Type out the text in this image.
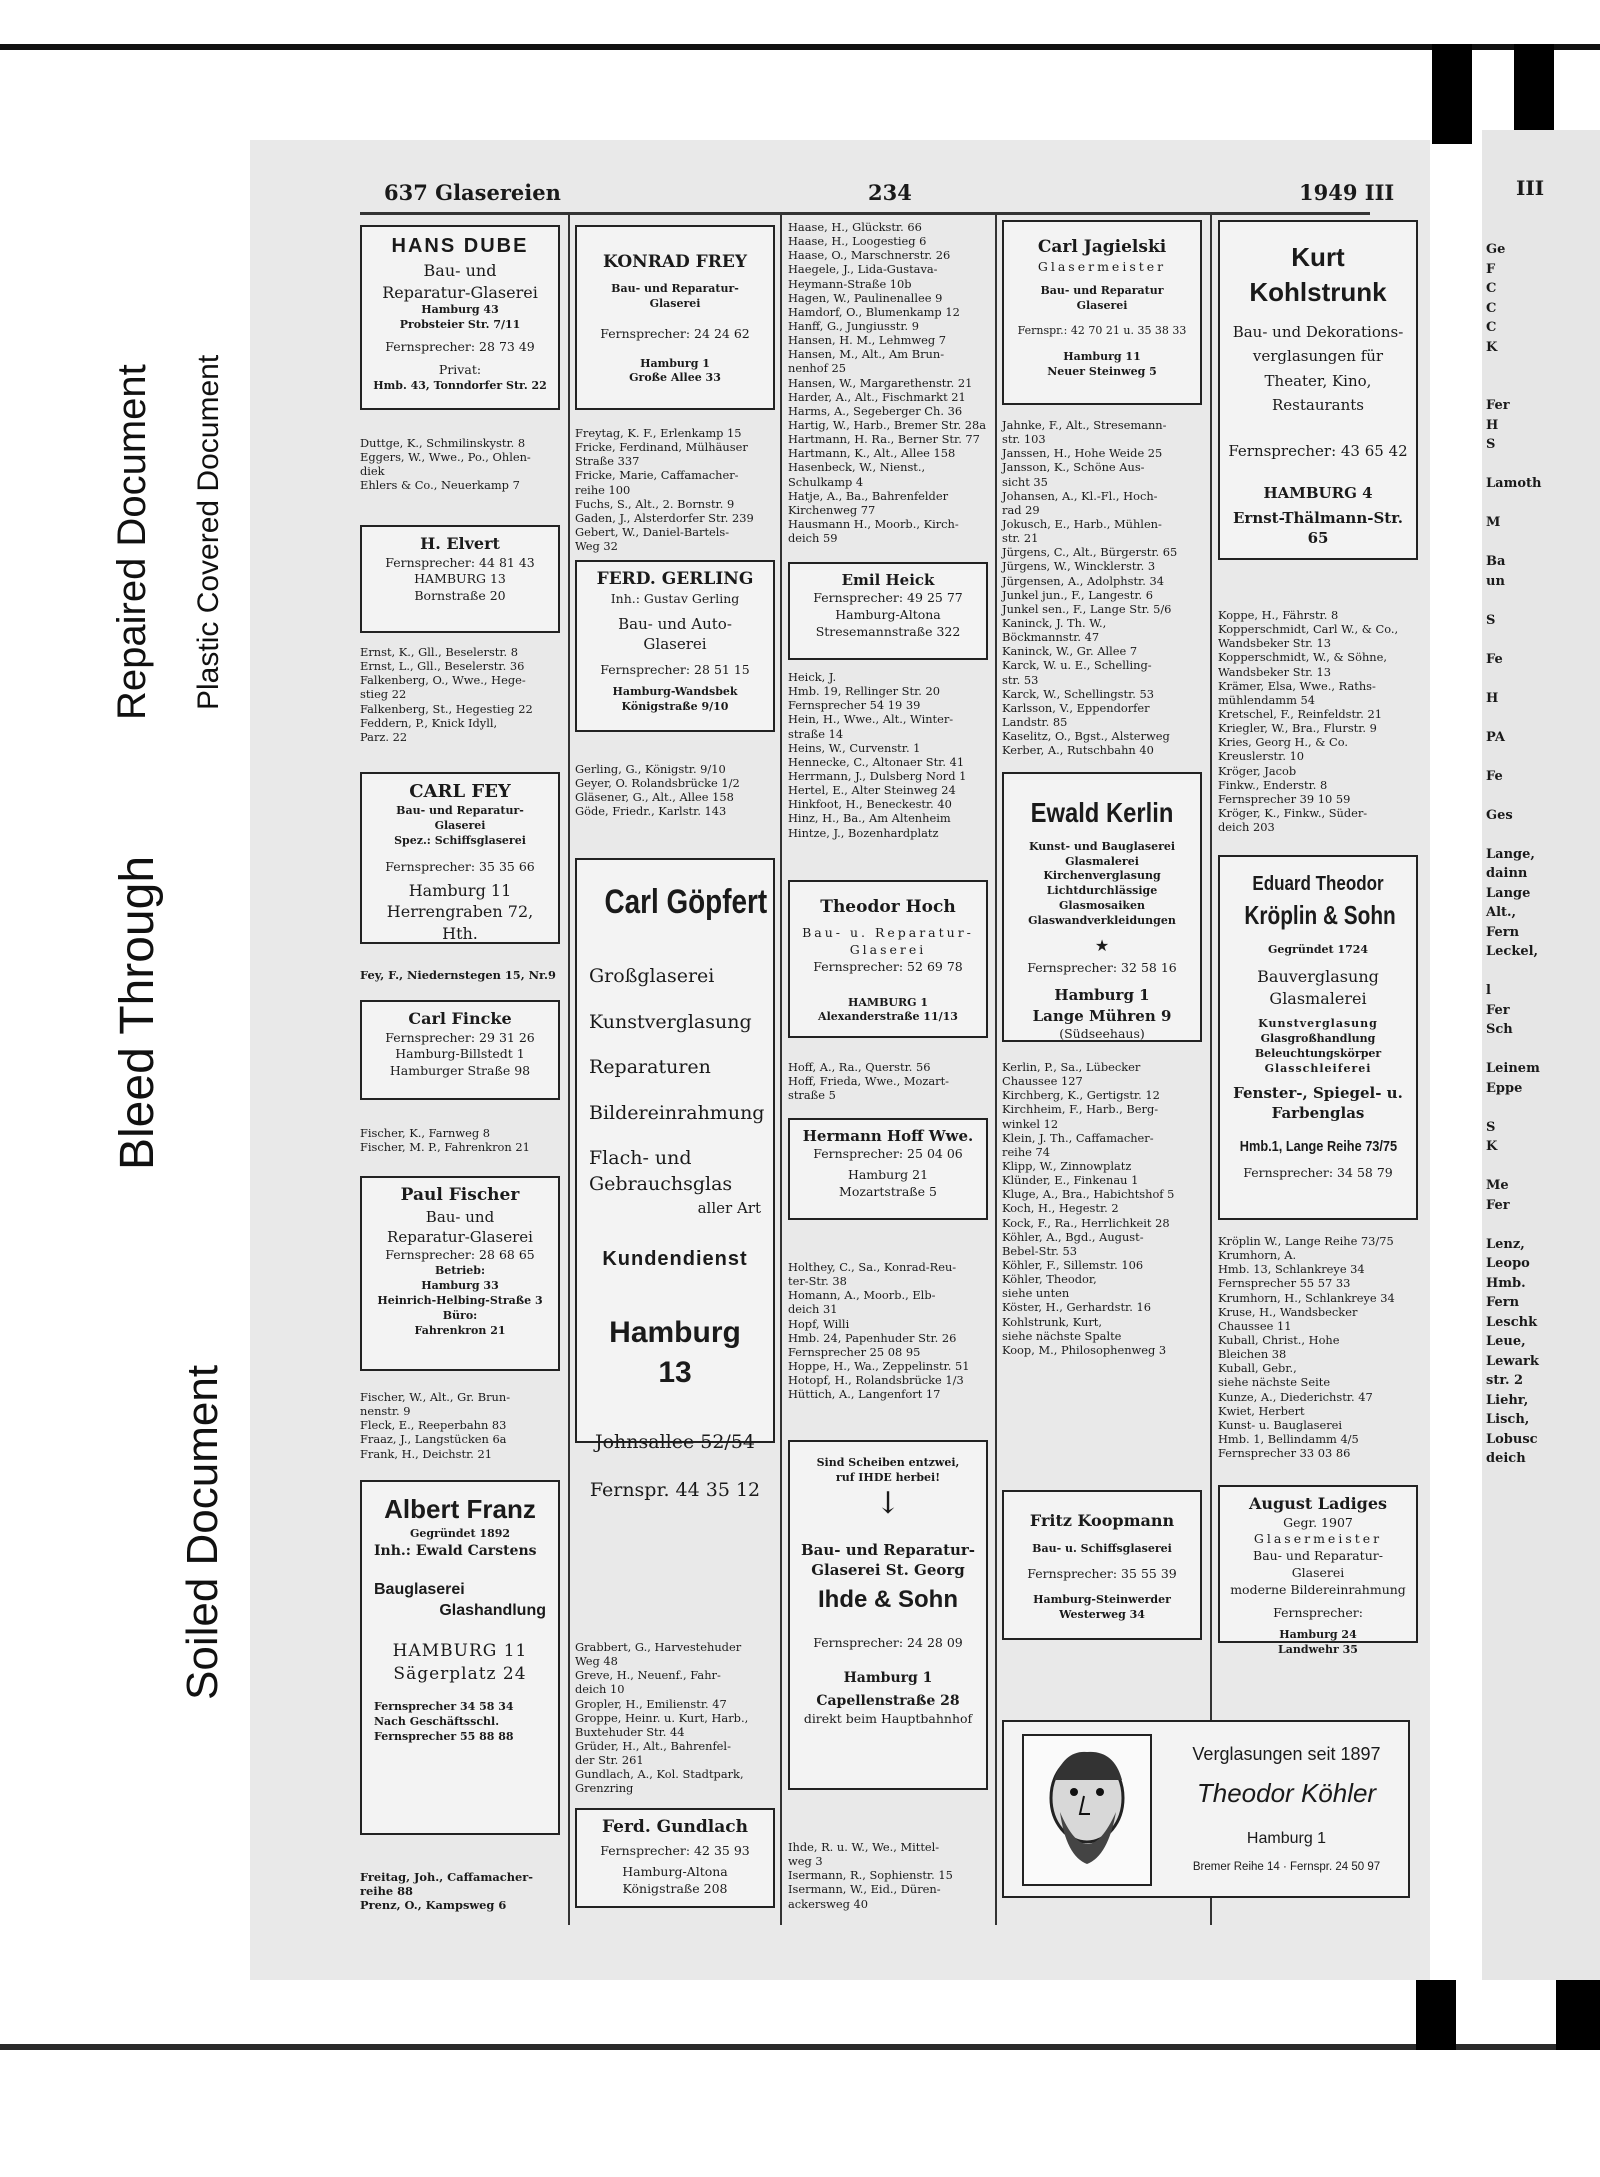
Bleed Through
Repaired Document Plastic Covered Document
Soiled Document
637 Glasereien	234	1949 III
HANS DUBE
Bau- und
Reparatur-Glaserei
Hamburg 43
Probsteier Str. 7/11
Fernsprecher: 28 73 49
Privat:
Hmb. 43, Tonndorfer Str. 22
Duttge, K., Schmilinskystr. 8
Eggers, W., Wwe., Po., Ohlen-
diek
Ehlers & Co., Neuerkamp 7
H. Elvert
Fernsprecher: 44 81 43
HAMBURG 13
Bornstraße 20
Ernst, K., Gll., Beselerstr. 8
Ernst, L., Gll., Beselerstr. 36
Falkenberg, O., Wwe., Hege-
stieg 22
Falkenberg, St., Hegestieg 22
Feddern, P., Knick Idyll,
Parz. 22
CARL FEY
Bau- und Reparatur-
Glaserei
Spez.: Schiffsglaserei
Fernsprecher: 35 35 66
Hamburg 11
Herrengraben 72, Hth.
Fey, F., Niedernstegen 15, Nr.9
Carl Fincke
Fernsprecher: 29 31 26
Hamburg-Billstedt 1
Hamburger Straße 98
Fischer, K., Farnweg 8
Fischer, M. P., Fahrenkron 21
Paul Fischer
Bau- und
Reparatur-Glaserei
Fernsprecher: 28 68 65
Betrieb:
Hamburg 33
Heinrich-Helbing-Straße 3
Büro:
Fahrenkron 21
Fischer, W., Alt., Gr. Brun-
nenstr. 9
Fleck, E., Reeperbahn 83
Fraaz, J., Langstücken 6a
Frank, H., Deichstr. 21
Albert Franz
Gegründet 1892
Inh.: Ewald Carstens
Bauglaserei
Glashandlung
HAMBURG 11
Sägerplatz 24
Fernsprecher 34 58 34
Nach Geschäftsschl.
Fernsprecher 55 88 88
Freitag, Joh., Caffamacher-
reihe 88
Prenz, O., Kampsweg 6
KONRAD FREY
Bau- und Reparatur-
Glaserei
Fernsprecher: 24 24 62
Hamburg 1
Große Allee 33
Freytag, K. F., Erlenkamp 15
Fricke, Ferdinand, Mülhäuser
Straße 337
Fricke, Marie, Caffamacher-
reihe 100
Fuchs, S., Alt., 2. Bornstr. 9
Gaden, J., Alsterdorfer Str. 239
Gebert, W., Daniel-Bartels-
Weg 32
FERD. GERLING
Inh.: Gustav Gerling
Bau- und Auto-
Glaserei
Fernsprecher: 28 51 15
Hamburg-Wandsbek
Königstraße 9/10
Gerling, G., Königstr. 9/10
Geyer, O. Rolandsbrücke 1/2
Gläsener, G., Alt., Allee 158
Göde, Friedr., Karlstr. 143
Carl Göpfert
Großglaserei
Kunstverglasung
Reparaturen
Bildereinrahmung
Flach- und
Gebrauchsglas
aller Art
Kundendienst
Hamburg 13
Johnsallee 52/54
Fernspr. 44 35 12
Grabbert, G., Harvestehuder
Weg 48
Greve, H., Neuenf., Fahr-
deich 10
Gropler, H., Emilienstr. 47
Groppe, Heinr. u. Kurt, Harb.,
Buxtehuder Str. 44
Grüder, H., Alt., Bahrenfel-
der Str. 261
Gundlach, A., Kol. Stadtpark,
Grenzring
Ferd. Gundlach
Fernsprecher: 42 35 93
Hamburg-Altona
Königstraße 208
Haase, H., Glückstr. 66
Haase, H., Loogestieg 6
Haase, O., Marschnerstr. 26
Haegele, J., Lida-Gustava-
Heymann-Straße 10b
Hagen, W., Paulinenallee 9
Hamdorf, O., Blumenkamp 12
Hanff, G., Jungiusstr. 9
Hansen, H. M., Lehmweg 7
Hansen, M., Alt., Am Brun-
nenhof 25
Hansen, W., Margarethenstr. 21
Harder, A., Alt., Fischmarkt 21
Harms, A., Segeberger Ch. 36
Hartig, W., Harb., Bremer Str. 28a
Hartmann, H. Ra., Berner Str. 77
Hartmann, K., Alt., Allee 158
Hasenbeck, W., Nienst.,
Schulkamp 4
Hatje, A., Ba., Bahrenfelder
Kirchenweg 77
Hausmann H., Moorb., Kirch-
deich 59
Emil Heick
Fernsprecher: 49 25 77
Hamburg-Altona
Stresemannstraße 322
Heick, J.
Hmb. 19, Rellinger Str. 20
Fernsprecher 54 19 39
Hein, H., Wwe., Alt., Winter-
straße 14
Heins, W., Curvenstr. 1
Hennecke, C., Altonaer Str. 41
Herrmann, J., Dulsberg Nord 1
Hertel, E., Alter Steinweg 24
Hinkfoot, H., Beneckestr. 40
Hinz, H., Ba., Am Altenheim
Hintze, J., Bozenhardplatz
Theodor Hoch
Bau- u. Reparatur-
Glaserei
Fernsprecher: 52 69 78
HAMBURG 1
Alexanderstraße 11/13
Hoff, A., Ra., Querstr. 56
Hoff, Frieda, Wwe., Mozart-
straße 5
Hermann Hoff Wwe.
Fernsprecher: 25 04 06
Hamburg 21
Mozartstraße 5
Holthey, C., Sa., Konrad-Reu-
ter-Str. 38
Homann, A., Moorb., Elb-
deich 31
Hopf, Willi
Hmb. 24, Papenhuder Str. 26
Fernsprecher 25 08 95
Hoppe, H., Wa., Zeppelinstr. 51
Hotopf, H., Rolandsbrücke 1/3
Hüttich, A., Langenfort 17
Sind Scheiben entzwei,
ruf IHDE herbei!
↓
Bau- und Reparatur-
Glaserei St. Georg
Ihde & Sohn
Fernsprecher: 24 28 09
Hamburg 1
Capellenstraße 28
direkt beim Hauptbahnhof
Ihde, R. u. W., We., Mittel-
weg 3
Isermann, R., Sophienstr. 15
Isermann, W., Eid., Düren-
ackersweg 40
Carl Jagielski
Glasermeister
Bau- und Reparatur
Glaserei
Fernspr.: 42 70 21 u. 35 38 33
Hamburg 11
Neuer Steinweg 5
Jahnke, F., Alt., Stresemann-
str. 103
Janssen, H., Hohe Weide 25
Jansson, K., Schöne Aus-
sicht 35
Johansen, A., Kl.-Fl., Hoch-
rad 29
Jokusch, E., Harb., Mühlen-
str. 21
Jürgens, C., Alt., Bürgerstr. 65
Jürgens, W., Wincklerstr. 3
Jürgensen, A., Adolphstr. 34
Junkel jun., F., Langestr. 6
Junkel sen., F., Lange Str. 5/6
Kaninck, J. Th. W.,
Böckmannstr. 47
Kaninck, W., Gr. Allee 7
Karck, W. u. E., Schelling-
str. 53
Karck, W., Schellingstr. 53
Karlsson, V., Eppendorfer
Landstr. 85
Kaselitz, O., Bgst., Alsterweg
Kerber, A., Rutschbahn 40
Ewald Kerlin
Kunst- und Bauglaserei
Glasmalerei
Kirchenverglasung
Lichtdurchlässige
Glasmosaiken
Glaswandverkleidungen
★
Fernsprecher: 32 58 16
Hamburg 1
Lange Mühren 9
(Südseehaus)
Kerlin, P., Sa., Lübecker
Chaussee 127
Kirchberg, K., Gertigstr. 12
Kirchheim, F., Harb., Berg-
winkel 12
Klein, J. Th., Caffamacher-
reihe 74
Klipp, W., Zinnowplatz
Klünder, E., Finkenau 1
Kluge, A., Bra., Habichtshof 5
Koch, H., Hegestr. 2
Kock, F., Ra., Herrlichkeit 28
Köhler, A., Bgd., August-
Bebel-Str. 53
Köhler, F., Sillemstr. 106
Köhler, Theodor,
siehe unten
Köster, H., Gerhardstr. 16
Kohlstrunk, Kurt,
siehe nächste Spalte
Koop, M., Philosophenweg 3
Fritz Koopmann
Bau- u. Schiffsglaserei
Fernsprecher: 35 55 39
Hamburg-Steinwerder
Westerweg 34
Verglasungen seit 1897
Theodor Köhler
Hamburg 1
Bremer Reihe 14 · Fernspr. 24 50 97
Kurt
Kohlstrunk
Bau- und Dekorations-
verglasungen für
Theater, Kino,
Restaurants
Fernsprecher: 43 65 42
HAMBURG 4
Ernst-Thälmann-Str. 65
Koppe, H., Fährstr. 8
Kopperschmidt, Carl W., & Co.,
Wandsbeker Str. 13
Kopperschmidt, W., & Söhne,
Wandsbeker Str. 13
Krämer, Elsa, Wwe., Raths-
mühlendamm 54
Kretschel, F., Reinfeldstr. 21
Kriegler, W., Bra., Flurstr. 9
Kries, Georg H., & Co.
Kreuslerstr. 10
Kröger, Jacob
Finkw., Enderstr. 8
Fernsprecher 39 10 59
Kröger, K., Finkw., Süder-
deich 203
Eduard Theodor
Kröplin & Sohn
Gegründet 1724
Bauverglasung
Glasmalerei
Kunstverglasung
Glasgroßhandlung
Beleuchtungskörper
Glasschleiferei
Fenster-, Spiegel- u.
Farbenglas
Hmb.1, Lange Reihe 73/75
Fernsprecher: 34 58 79
Kröplin W., Lange Reihe 73/75
Krumhorn, A.
Hmb. 13, Schlankreye 34
Fernsprecher 55 57 33
Krumhorn, H., Schlankreye 34
Kruse, H., Wandsbecker
Chaussee 11
Kuball, Christ., Hohe
Bleichen 38
Kuball, Gebr.,
siehe nächste Seite
Kunze, A., Diederichstr. 47
Kwiet, Herbert
Kunst- u. Bauglaserei
Hmb. 1, Bellindamm 4/5
Fernsprecher 33 03 86
August Ladiges
Gegr. 1907
Glasermeister
Bau- und Reparatur-
Glaserei
moderne Bildereinrahmung
Fernsprecher:
Hamburg 24
Landwehr 35
III
Ge
F
C
C
C
K

Fer
H
S

Lamoth

M

Ba
un

S

Fe

H

PA

Fe

Ges

Lange,
dainn
Lange
Alt.,
Fern
Leckel,

l
Fer
Sch

Leinem
Eppe

S
K

Me
Fer

Lenz,
Leopo
Hmb.
Fern
Leschk
Leue,
Lewark
str. 2
Liehr,
Lisch,
Lobusc
deich
